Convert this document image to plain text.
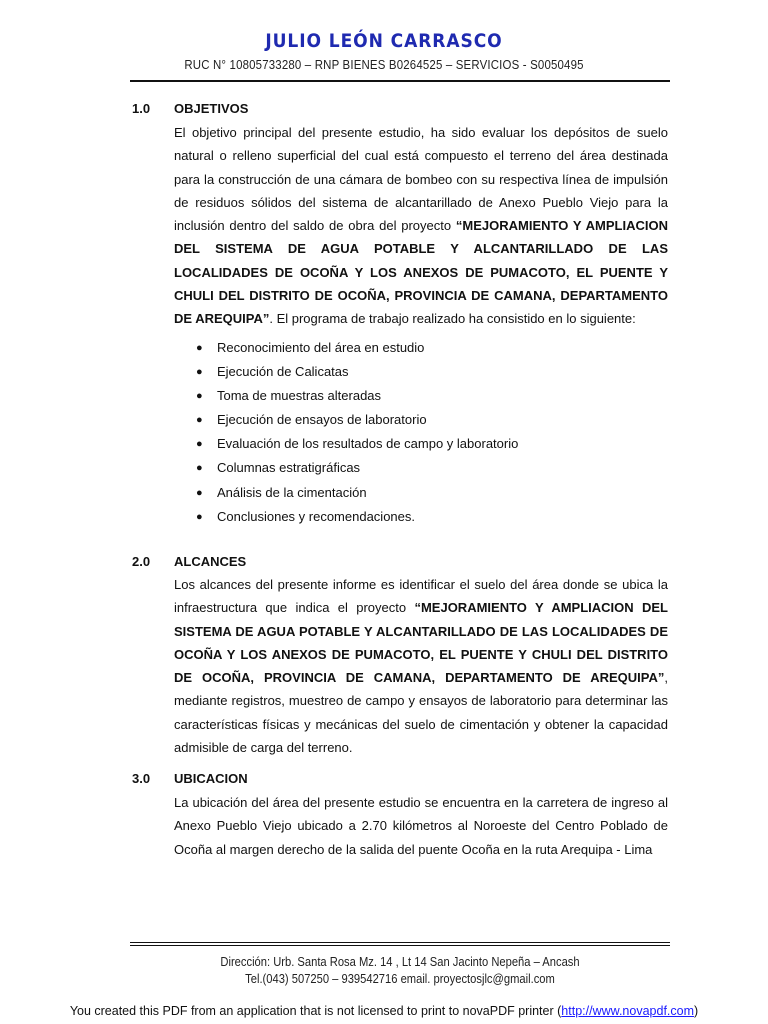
JULIO LEÓN CARRASCO
RUC N° 10805733280 – RNP BIENES B0264525 – SERVICIOS - S0050495
1.0 OBJETIVOS
El objetivo principal del presente estudio, ha sido evaluar los depósitos de suelo natural o relleno superficial del cual está compuesto el terreno del área destinada para la construcción de una cámara de bombeo con su respectiva línea de impulsión de residuos sólidos del sistema de alcantarillado de Anexo Pueblo Viejo para la inclusión dentro del saldo de obra del proyecto “MEJORAMIENTO Y AMPLIACION DEL SISTEMA DE AGUA POTABLE Y ALCANTARILLADO DE LAS LOCALIDADES DE OCOÑA Y LOS ANEXOS DE PUMACOTO, EL PUENTE Y CHULI DEL DISTRITO DE OCOÑA, PROVINCIA DE CAMANA, DEPARTAMENTO DE AREQUIPA”. El programa de trabajo realizado ha consistido en lo siguiente:
● Reconocimiento del área en estudio
● Ejecución de Calicatas
● Toma de muestras alteradas
● Ejecución de ensayos de laboratorio
● Evaluación de los resultados de campo y laboratorio
● Columnas estratigráficas
● Análisis de la cimentación
● Conclusiones y recomendaciones.
2.0 ALCANCES
Los alcances del presente informe es identificar el suelo del área donde se ubica la infraestructura que indica el proyecto “MEJORAMIENTO Y AMPLIACION DEL SISTEMA DE AGUA POTABLE Y ALCANTARILLADO DE LAS LOCALIDADES DE OCOÑA Y LOS ANEXOS DE PUMACOTO, EL PUENTE Y CHULI DEL DISTRITO DE OCOÑA, PROVINCIA DE CAMANA, DEPARTAMENTO DE AREQUIPA”, mediante registros, muestreo de campo y ensayos de laboratorio para determinar las características físicas y mecánicas del suelo de cimentación y obtener la capacidad admisible de carga del terreno.
3.0 UBICACION
La ubicación del área del presente estudio se encuentra en la carretera de ingreso al Anexo Pueblo Viejo ubicado a 2.70 kilómetros al Noroeste del Centro Poblado de Ocoña al margen derecho de la salida del puente Ocoña en la ruta Arequipa - Lima
Dirección: Urb. Santa Rosa Mz. 14 , Lt 14 San Jacinto Nepeña – Ancash
Tel.(043) 507250 – 939542716 email. proyectosjlc@gmail.com
You created this PDF from an application that is not licensed to print to novaPDF printer (http://www.novapdf.com)
